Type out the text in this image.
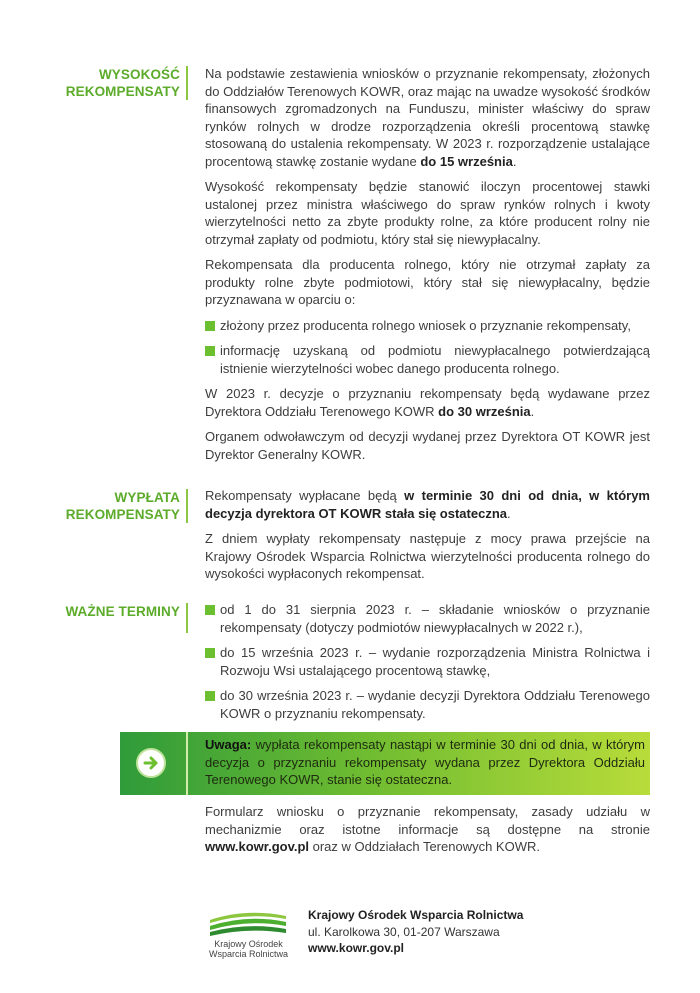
WYSOKOŚĆ
REKOMPENSATY

Na podstawie zestawienia wniosków o przyznanie rekompensaty, złożonych do Oddziałów Terenowych KOWR, oraz mając na uwadze wysokość środków finansowych zgromadzonych na Funduszu, minister właściwy do spraw rynków rolnych w drodze rozporządzenia określi procentową stawkę stosowaną do ustalenia rekompensaty. W 2023 r. rozporządzenie ustalające procentową stawkę zostanie wydane do 15 września.

Wysokość rekompensaty będzie stanowić iloczyn procentowej stawki ustalonej przez ministra właściwego do spraw rynków rolnych i kwoty wierzytelności netto za zbyte produkty rolne, za które producent rolny nie otrzymał zapłaty od podmiotu, który stał się niewypłacalny.

Rekompensata dla producenta rolnego, który nie otrzymał zapłaty za produkty rolne zbyte podmiotowi, który stał się niewypłacalny, będzie przyznawana w oparciu o:

złożony przez producenta rolnego wniosek o przyznanie rekompensaty,
informację uzyskaną od podmiotu niewypłacalnego potwierdzającą istnienie wierzytelności wobec danego producenta rolnego.

W 2023 r. decyzje o przyznaniu rekompensaty będą wydawane przez Dyrektora Oddziału Terenowego KOWR do 30 września.

Organem odwoławczym od decyzji wydanej przez Dyrektora OT KOWR jest Dyrektor Generalny KOWR.

WYPŁATA
REKOMPENSATY

Rekompensaty wypłacane będą w terminie 30 dni od dnia, w którym decyzja dyrektora OT KOWR stała się ostateczna.

Z dniem wypłaty rekompensaty następuje z mocy prawa przejście na Krajowy Ośrodek Wsparcia Rolnictwa wierzytelności producenta rolnego do wysokości wypłaconych rekompensat.

WAŻNE TERMINY	od 1 do 31 sierpnia 2023 r. – składanie wniosków o przyznanie rekompensaty (dotyczy podmiotów niewypłacalnych w 2022 r.),
do 15 września 2023 r. – wydanie rozporządzenia Ministra Rolnictwa i Rozwoju Wsi ustalającego procentową stawkę,
do 30 września 2023 r. – wydanie decyzji Dyrektora Oddziału Terenowego KOWR o przyznaniu rekompensaty.
Uwaga: wypłata rekompensaty nastąpi w terminie 30 dni od dnia, w którym decyzja o przyznaniu rekompensaty wydana przez Dyrektora Oddziału Terenowego KOWR, stanie się ostateczna.

Formularz wniosku o przyznanie rekompensaty, zasady udziału w mechanizmie oraz istotne informacje są dostępne na stronie www.kowr.gov.pl oraz w Oddziałach Terenowych KOWR.

Krajowy Ośrodek
Wsparcia Rolnictwa
Krajowy Ośrodek Wsparcia Rolnictwa
ul. Karolkowa 30, 01-207 Warszawa
www.kowr.gov.pl
